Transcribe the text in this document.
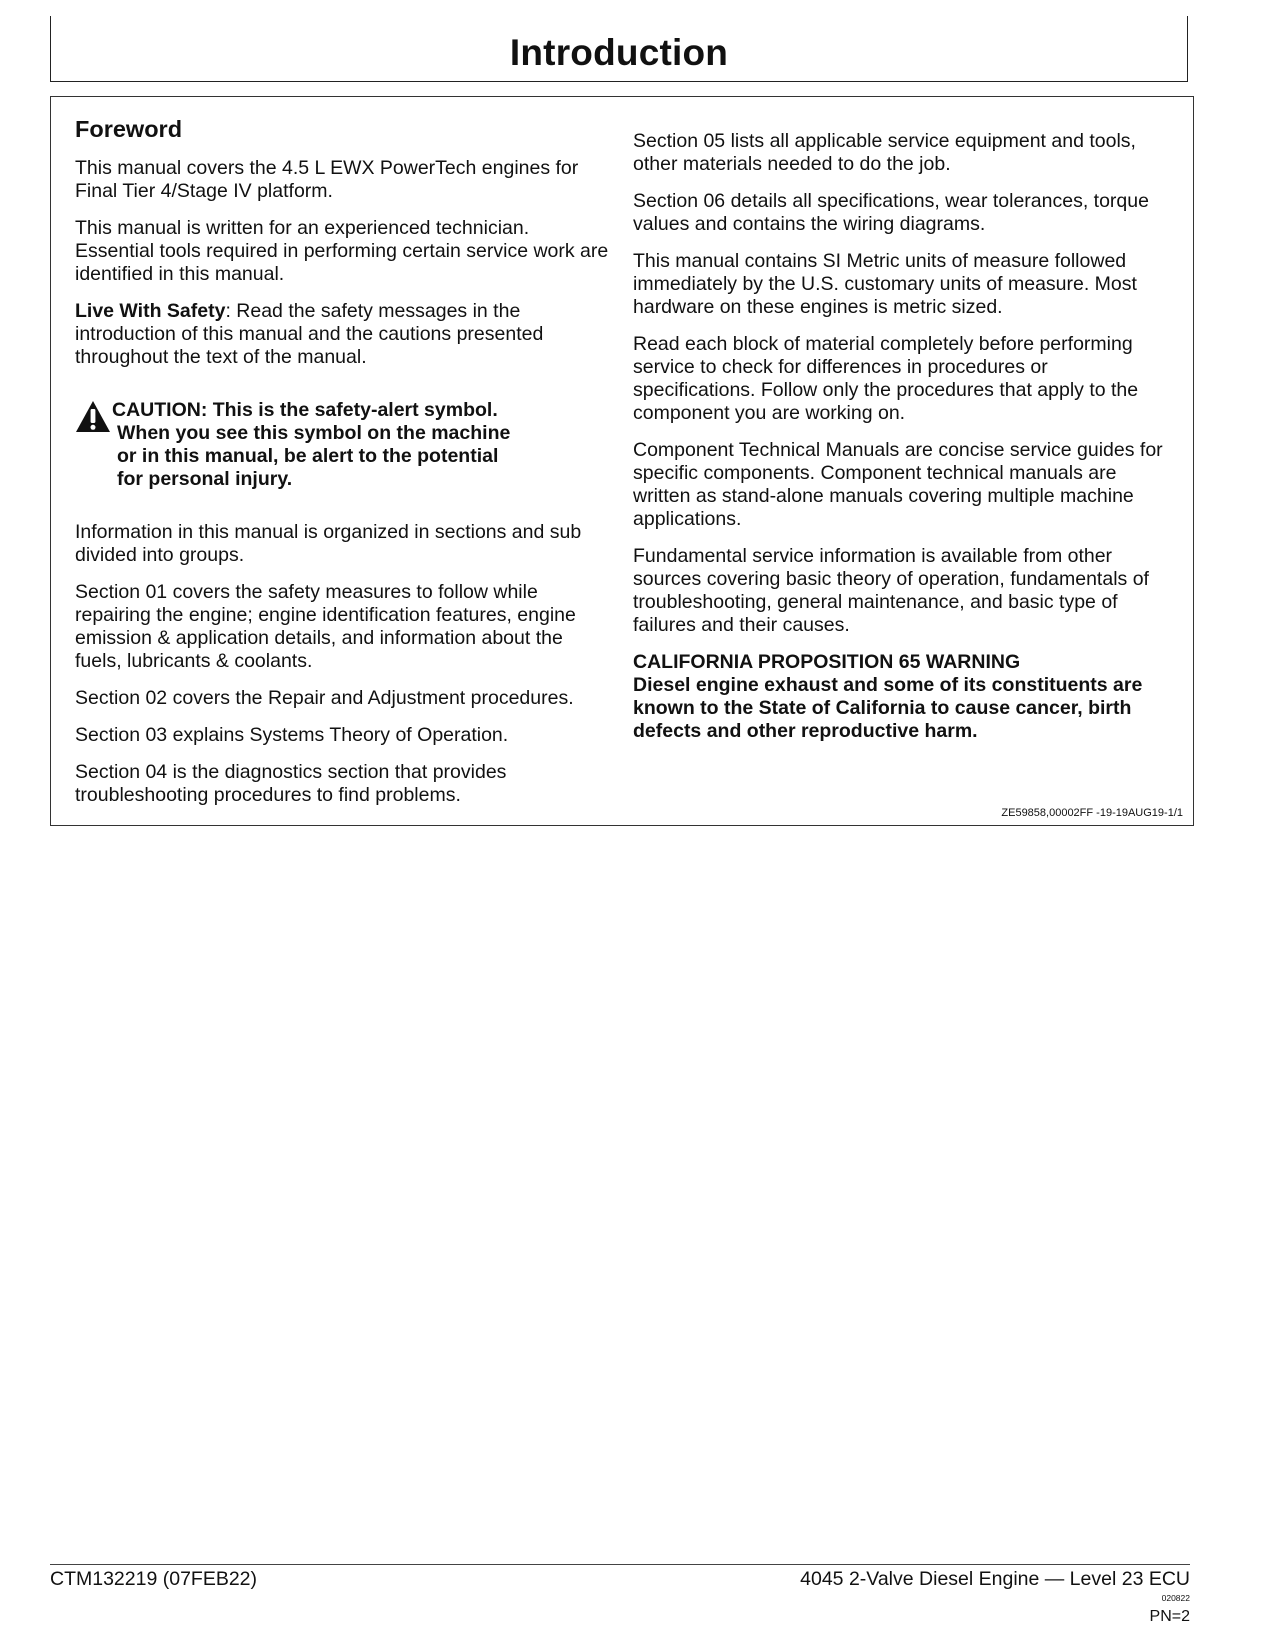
Introduction
Foreword

This manual covers the 4.5 L EWX PowerTech engines for Final Tier 4/Stage IV platform.

This manual is written for an experienced technician. Essential tools required in performing certain service work are identified in this manual.

Live With Safety: Read the safety messages in the introduction of this manual and the cautions presented throughout the text of the manual.

CAUTION: This is the safety-alert symbol.
When you see this symbol on the machine
or in this manual, be alert to the potential
for personal injury.

Information in this manual is organized in sections and sub divided into groups.

Section 01 covers the safety measures to follow while repairing the engine; engine identification features, engine emission & application details, and information about the fuels, lubricants & coolants.

Section 02 covers the Repair and Adjustment procedures.

Section 03 explains Systems Theory of Operation.

Section 04 is the diagnostics section that provides troubleshooting procedures to find problems.

Section 05 lists all applicable service equipment and tools, other materials needed to do the job.

Section 06 details all specifications, wear tolerances, torque values and contains the wiring diagrams.

This manual contains SI Metric units of measure followed immediately by the U.S. customary units of measure. Most hardware on these engines is metric sized.

Read each block of material completely before performing service to check for differences in procedures or specifications. Follow only the procedures that apply to the component you are working on.

Component Technical Manuals are concise service guides for specific components. Component technical manuals are written as stand-alone manuals covering multiple machine applications.

Fundamental service information is available from other sources covering basic theory of operation, fundamentals of troubleshooting, general maintenance, and basic type of failures and their causes.

CALIFORNIA PROPOSITION 65 WARNING

Diesel engine exhaust and some of its constituents are known to the State of California to cause cancer, birth defects and other reproductive harm.

ZE59858,00002FF -19-19AUG19-1/1
CTM132219 (07FEB22)	4045 2-Valve Diesel Engine — Level 23 ECU
020822
PN=2
